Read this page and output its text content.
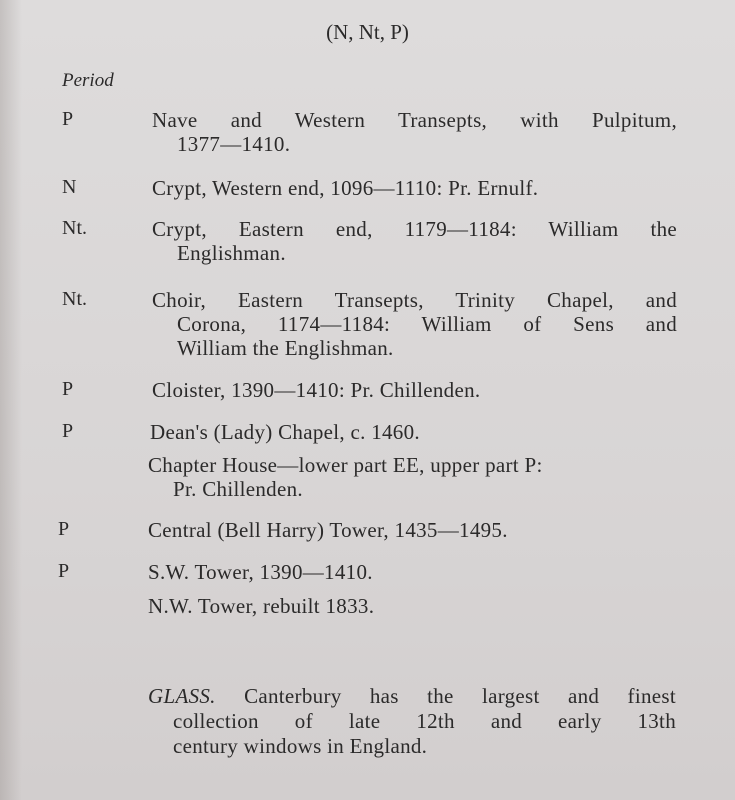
(N, Nt, P)
Period
P	Nave and Western Transepts, with Pulpitum,
1377—1410.
N	Crypt, Western end, 1096—1110: Pr. Ernulf.
Nt.	Crypt, Eastern end, 1179—1184: William the
Englishman.
Nt.	Choir, Eastern Transepts, Trinity Chapel, and
Corona, 1174—1184: William of Sens and
William the Englishman.
P	Cloister, 1390—1410: Pr. Chillenden.
P	Dean's (Lady) Chapel, c. 1460.
Chapter House—lower part EE, upper part P:
Pr. Chillenden.
P	Central (Bell Harry) Tower, 1435—1495.
P	S.W. Tower, 1390—1410.
N.W. Tower, rebuilt 1833.
GLASS. Canterbury has the largest and finest
collection of late 12th and early 13th
century windows in England.
